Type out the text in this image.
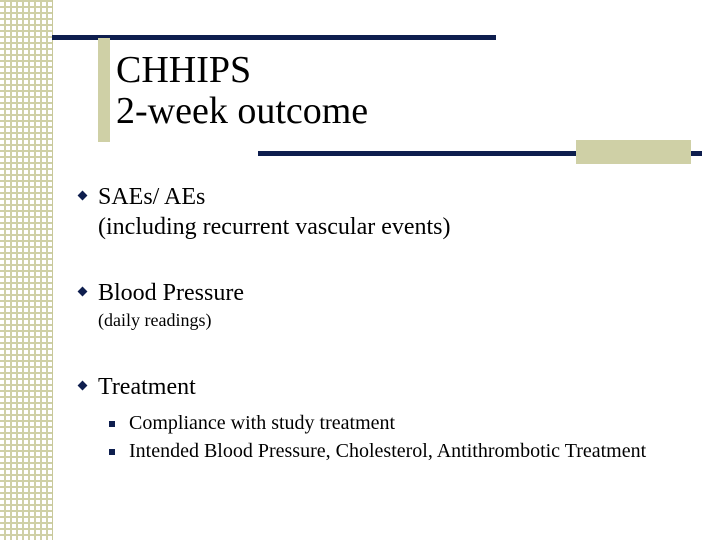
CHHIPS
2-week outcome
SAEs/ AEs
(including recurrent vascular events)
Blood Pressure
(daily readings)
Treatment
Compliance with study treatment
Intended Blood Pressure, Cholesterol, Antithrombotic Treatment
